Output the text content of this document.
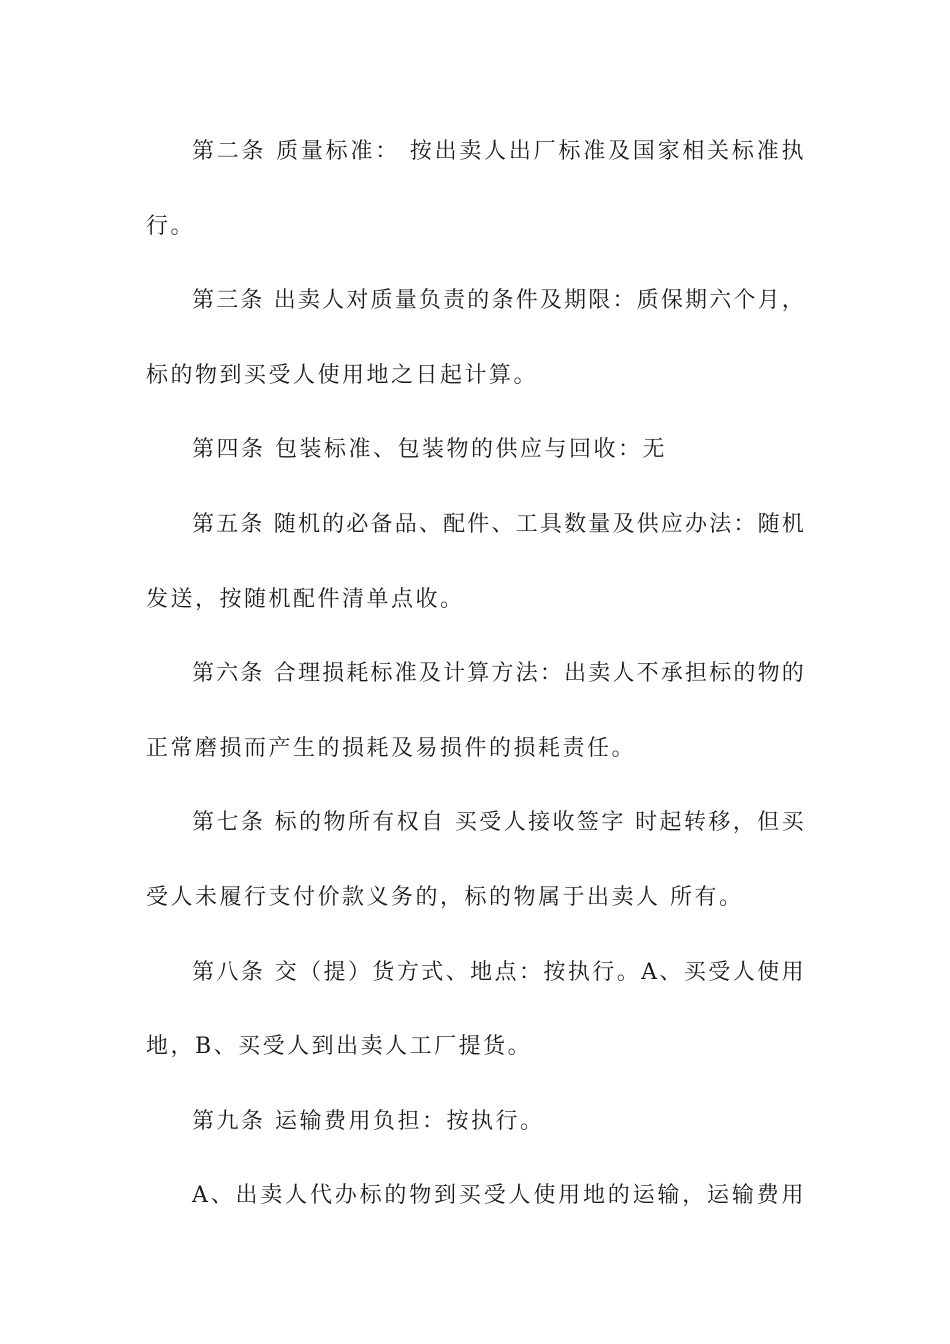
第二条 质量标准： 按出卖人出厂标准及国家相关标准执
行。
第三条 出卖人对质量负责的条件及期限：质保期六个月，
标的物到买受人使用地之日起计算。
第四条 包装标准、包装物的供应与回收：无
第五条 随机的必备品、配件、工具数量及供应办法：随机
发送，按随机配件清单点收。
第六条 合理损耗标准及计算方法：出卖人不承担标的物的
正常磨损而产生的损耗及易损件的损耗责任。
第七条 标的物所有权自 买受人接收签字 时起转移，但买
受人未履行支付价款义务的，标的物属于出卖人 所有。
第八条 交（提）货方式、地点：按执行。A、买受人使用
地，B、买受人到出卖人工厂提货。
第九条 运输费用负担：按执行。
A、出卖人代办标的物到买受人使用地的运输，运输费用
